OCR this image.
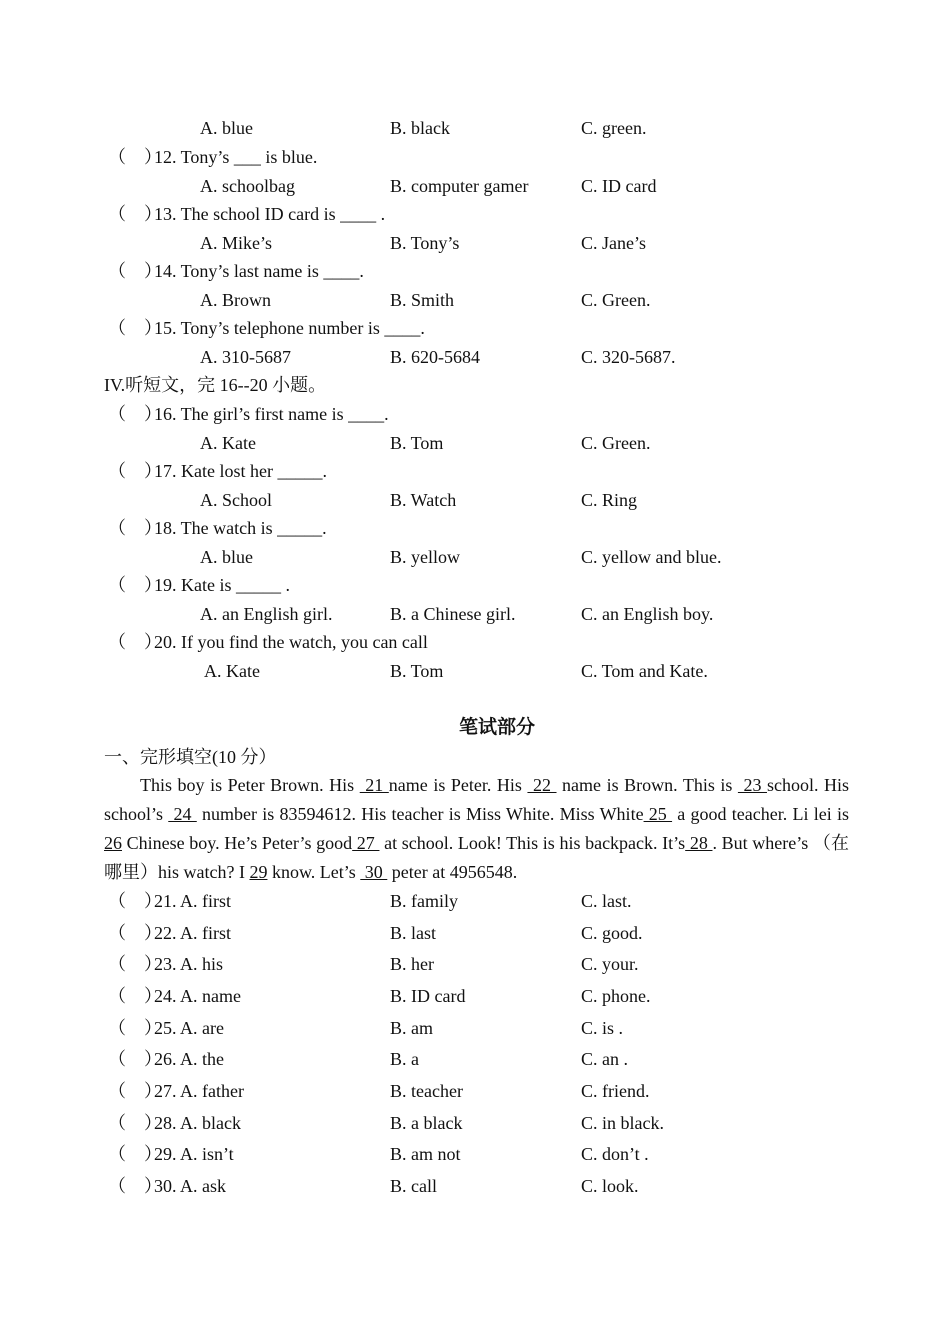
A. blue	B. black	C. green.
（　）12. Tony’s ___ is blue.
A. schoolbag	B. computer gamer	C. ID card
（　）13. The school ID card is ____ .
A. Mike’s	B. Tony’s	C. Jane’s
（　）14. Tony’s last name is ____.
A. Brown	B. Smith	C. Green.
（　）15. Tony’s telephone number is ____.
A. 310-5687	B. 620-5684	C. 320-5687.
IV.听短文，完 16--20 小题。
（　）16. The girl’s first name is ____.
A. Kate	B. Tom	C. Green.
（　）17. Kate lost her _____.
A. School	B. Watch	C. Ring
（　）18. The watch is _____.
A. blue	B. yellow	C. yellow and blue.
（　）19. Kate is _____ .
A. an English girl.	B. a Chinese girl.	C. an English boy.
（　）20. If you find the watch, you can call
A. Kate	B. Tom	C. Tom and Kate.
笔试部分
一、完形填空(10 分）
This boy is Peter Brown. His  21 name is Peter. His  22  name is Brown. This is  23 school. His school’s  24  number is 83594612. His teacher is Miss White. Miss White 25  a good teacher. Li lei is 26 Chinese boy. He’s Peter’s good 27  at school. Look! This is his backpack. It’s 28 . But where’s （在哪里）his watch? I 29 know. Let’s  30  peter at 4956548.
（　）21. A. first	B. family	C. last.
（　）22. A. first	B. last	C. good.
（　）23. A. his	B. her	C. your.
（　）24. A. name	B. ID card	C. phone.
（　）25. A. are	B. am	C. is .
（　）26. A. the	B. a	C. an .
（　）27. A. father	B. teacher	C. friend.
（　）28. A. black	B. a black	C. in black.
（　）29. A. isn’t	B. am not	C. don’t .
（　）30. A. ask	B. call	C. look.
